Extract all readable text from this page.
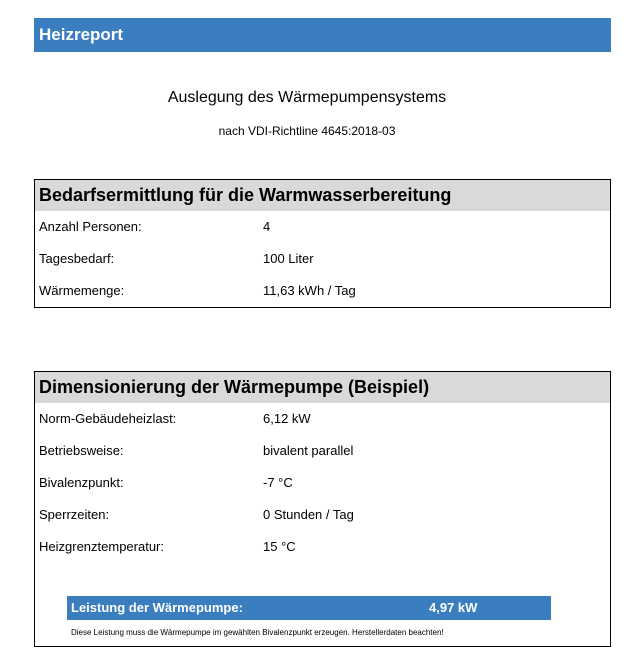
Heizreport
Auslegung des Wärmepumpensystems
nach VDI-Richtline 4645:2018-03
Bedarfsermittlung für die Warmwasserbereitung
Anzahl Personen:	4
Tagesbedarf:	100 Liter
Wärmemenge:	11,63 kWh / Tag
Dimensionierung der Wärmepumpe (Beispiel)
Norm-Gebäudeheizlast:	6,12 kW
Betriebsweise:	bivalent parallel
Bivalenzpunkt:	-7 °C
Sperrzeiten:	0 Stunden / Tag
Heizgrenztemperatur:	15 °C
Leistung der Wärmepumpe:	4,97 kW
Diese Leistung muss die Wärmepumpe im gewählten Bivalenzpunkt erzeugen. Herstellerdaten beachten!
